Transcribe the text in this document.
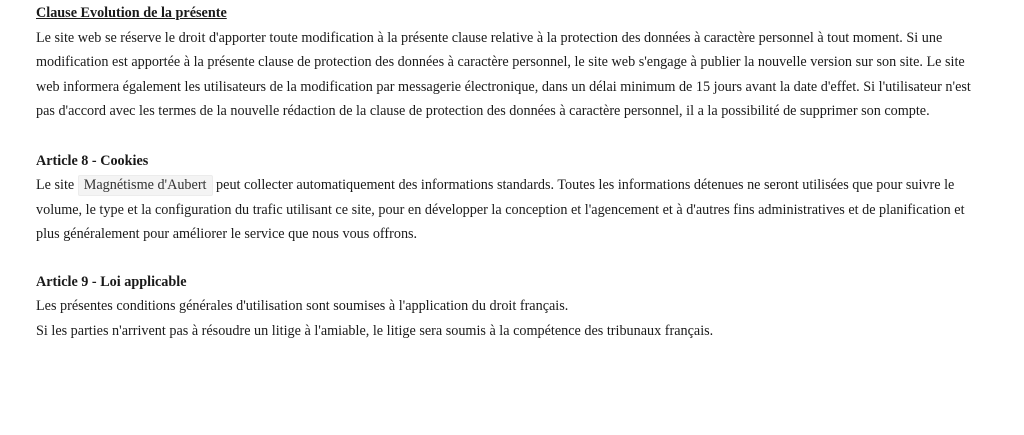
Clause Evolution de la présente

Le site web se réserve le droit d'apporter toute modification à la présente clause relative à la protection des données à caractère personnel à tout moment. Si une modification est apportée à la présente clause de protection des données à caractère personnel, le site web s'engage à publier la nouvelle version sur son site. Le site web informera également les utilisateurs de la modification par messagerie électronique, dans un délai minimum de 15 jours avant la date d'effet. Si l'utilisateur n'est pas d'accord avec les termes de la nouvelle rédaction de la clause de protection des données à caractère personnel, il a la possibilité de supprimer son compte.

Article 8 - Cookies

Le site Magnétisme d'Aubert peut collecter automatiquement des informations standards. Toutes les informations détenues ne seront utilisées que pour suivre le volume, le type et la configuration du trafic utilisant ce site, pour en développer la conception et l'agencement et à d'autres fins administratives et de planification et plus généralement pour améliorer le service que nous vous offrons.

Article 9 - Loi applicable

Les présentes conditions générales d'utilisation sont soumises à l'application du droit français.

Si les parties n'arrivent pas à résoudre un litige à l'amiable, le litige sera soumis à la compétence des tribunaux français.
